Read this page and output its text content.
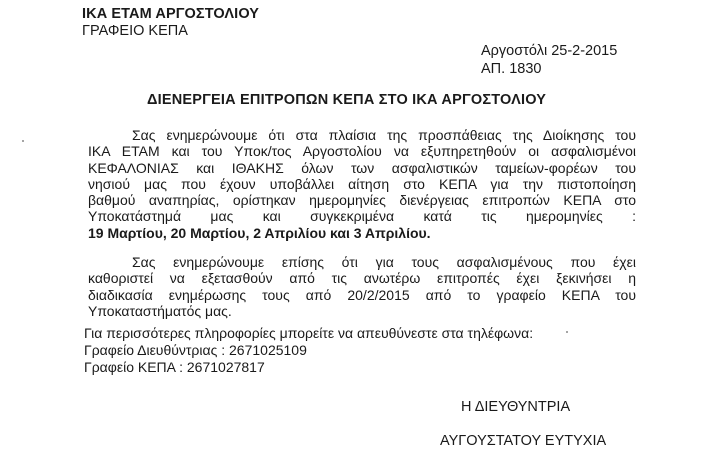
ΙΚΑ ΕΤΑΜ ΑΡΓΟΣΤΟΛΙΟΥ
ΓΡΑΦΕΙΟ ΚΕΠΑ
Αργοστόλι 25-2-2015
ΑΠ. 1830
ΔΙΕΝΕΡΓΕΙΑ ΕΠΙΤΡΟΠΩΝ ΚΕΠΑ ΣΤΟ ΙΚΑ ΑΡΓΟΣΤΟΛΙΟΥ
Σας ενημερώνουμε ότι στα πλαίσια της προσπάθειας της Διοίκησης του
ΙΚΑ ΕΤΑΜ και του Υποκ/τος Αργοστολίου να εξυπηρετηθούν οι ασφαλισμένοι
ΚΕΦΑΛΟΝΙΑΣ και ΙΘΑΚΗΣ όλων των ασφαλιστικών ταμείων-φορέων του
νησιού μας που έχουν υποβάλλει αίτηση στο ΚΕΠΑ για την πιστοποίηση
βαθμού αναπηρίας, ορίστηκαν ημερομηνίες διενέργειας επιτροπών ΚΕΠΑ στο
Υποκατάστημά μας και συγκεκριμένα κατά τις ημερομηνίες :
19 Μαρτίου, 20 Μαρτίου, 2 Απριλίου και 3 Απριλίου.
Σας ενημερώνουμε επίσης ότι για τους ασφαλισμένους που έχει
καθοριστεί να εξετασθούν από τις ανωτέρω επιτροπές έχει ξεκινήσει η
διαδικασία ενημέρωσης τους από 20/2/2015 από το γραφείο ΚΕΠΑ του
Υποκαταστήματός μας.
Για περισσότερες πληροφορίες μπορείτε να απευθύνεστε στα τηλέφωνα:
Γραφείο Διευθύντριας : 2671025109
Γραφείο ΚΕΠΑ : 2671027817
Η ΔΙΕΥΘΥΝΤΡΙΑ
ΑΥΓΟΥΣΤΑΤΟΥ ΕΥΤΥΧΙΑ
